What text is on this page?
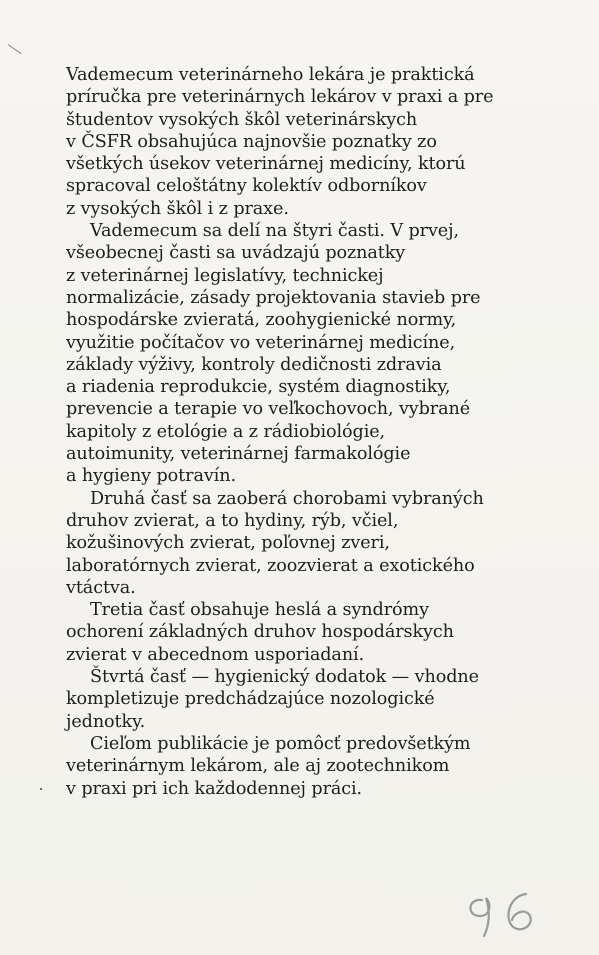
Vademecum veterinárneho lekára je praktická
príručka pre veterinárnych lekárov v praxi a pre
študentov vysokých škôl veterinárskych
v ČSFR obsahujúca najnovšie poznatky zo
všetkých úsekov veterinárnej medicíny, ktorú
spracoval celoštátny kolektív odborníkov
z vysokých škôl i z praxe.

Vademecum sa delí na štyri časti. V prvej,
všeobecnej časti sa uvádzajú poznatky
z veterinárnej legislatívy, technickej
normalizácie, zásady projektovania stavieb pre
hospodárske zvieratá, zoohygienické normy,
využitie počítačov vo veterinárnej medicíne,
základy výživy, kontroly dedičnosti zdravia
a riadenia reprodukcie, systém diagnostiky,
prevencie a terapie vo veľkochovoch, vybrané
kapitoly z etológie a z rádiobiológie,
autoimunity, veterinárnej farmakológie
a hygieny potravín.

Druhá časť sa zaoberá chorobami vybraných
druhov zvierat, a to hydiny, rýb, včiel,
kožušinových zvierat, poľovnej zveri,
laboratórnych zvierat, zoozvierat a exotického
vtáctva.

Tretia časť obsahuje heslá a syndrómy
ochorení základných druhov hospodárskych
zvierat v abecednom usporiadaní.

Štvrtá časť — hygienický dodatok — vhodne
kompletizuje predchádzajúce nozologické
jednotky.

Cieľom publikácie je pomôcť predovšetkým
veterinárnym lekárom, ale aj zootechnikom
v praxi pri ich každodennej práci.
